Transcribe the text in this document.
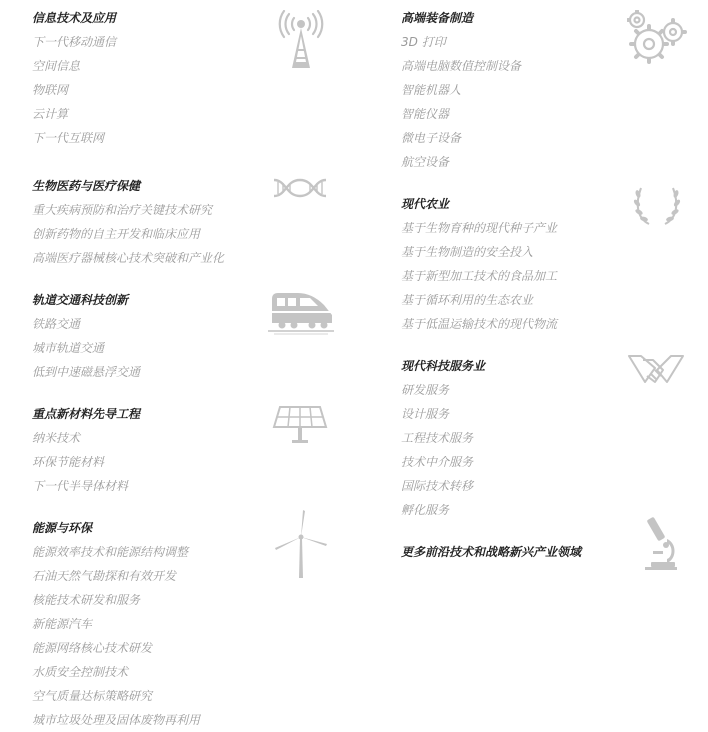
信息技术及应用
下一代移动通信
空间信息
物联网
云计算
下一代互联网
生物医药与医疗保健
重大疾病预防和治疗关键技术研究
创新药物的自主开发和临床应用
高端医疗器械核心技术突破和产业化
轨道交通科技创新
铁路交通
城市轨道交通
低到中速磁悬浮交通
重点新材料先导工程
纳米技术
环保节能材料
下一代半导体材料
能源与环保
能源效率技术和能源结构调整
石油天然气勘探和有效开发
核能技术研发和服务
新能源汽车
能源网络核心技术研发
水质安全控制技术
空气质量达标策略研究
城市垃圾处理及固体废物再利用
高端装备制造
3D 打印
高端电脑数值控制设备
智能机器人
智能仪器
微电子设备
航空设备
现代农业
基于生物育种的现代种子产业
基于生物制造的安全投入
基于新型加工技术的食品加工
基于循环利用的生态农业
基于低温运输技术的现代物流
现代科技服务业
研发服务
设计服务
工程技术服务
技术中介服务
国际技术转移
孵化服务
更多前沿技术和战略新兴产业领域
